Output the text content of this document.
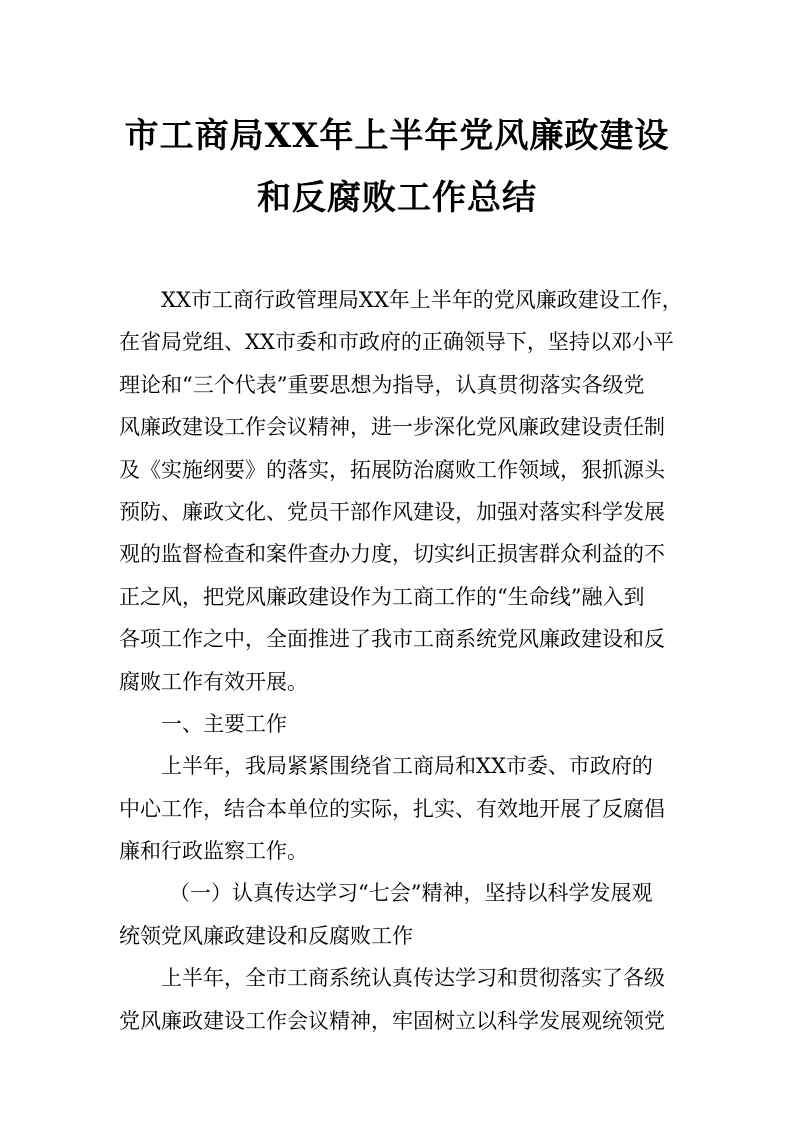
市工商局XX年上半年党风廉政建设
和反腐败工作总结
XX市工商行政管理局XX年上半年的党风廉政建设工作，
在省局党组、XX市委和市政府的正确领导下，坚持以邓小平
理论和“三个代表”重要思想为指导，认真贯彻落实各级党
风廉政建设工作会议精神，进一步深化党风廉政建设责任制
及《实施纲要》的落实，拓展防治腐败工作领域，狠抓源头
预防、廉政文化、党员干部作风建设，加强对落实科学发展
观的监督检查和案件查办力度，切实纠正损害群众利益的不
正之风，把党风廉政建设作为工商工作的“生命线”融入到
各项工作之中，全面推进了我市工商系统党风廉政建设和反
腐败工作有效开展。
一、主要工作
上半年，我局紧紧围绕省工商局和XX市委、市政府的
中心工作，结合本单位的实际，扎实、有效地开展了反腐倡
廉和行政监察工作。
（一）认真传达学习“七会”精神，坚持以科学发展观
统领党风廉政建设和反腐败工作
上半年，全市工商系统认真传达学习和贯彻落实了各级
党风廉政建设工作会议精神，牢固树立以科学发展观统领党
